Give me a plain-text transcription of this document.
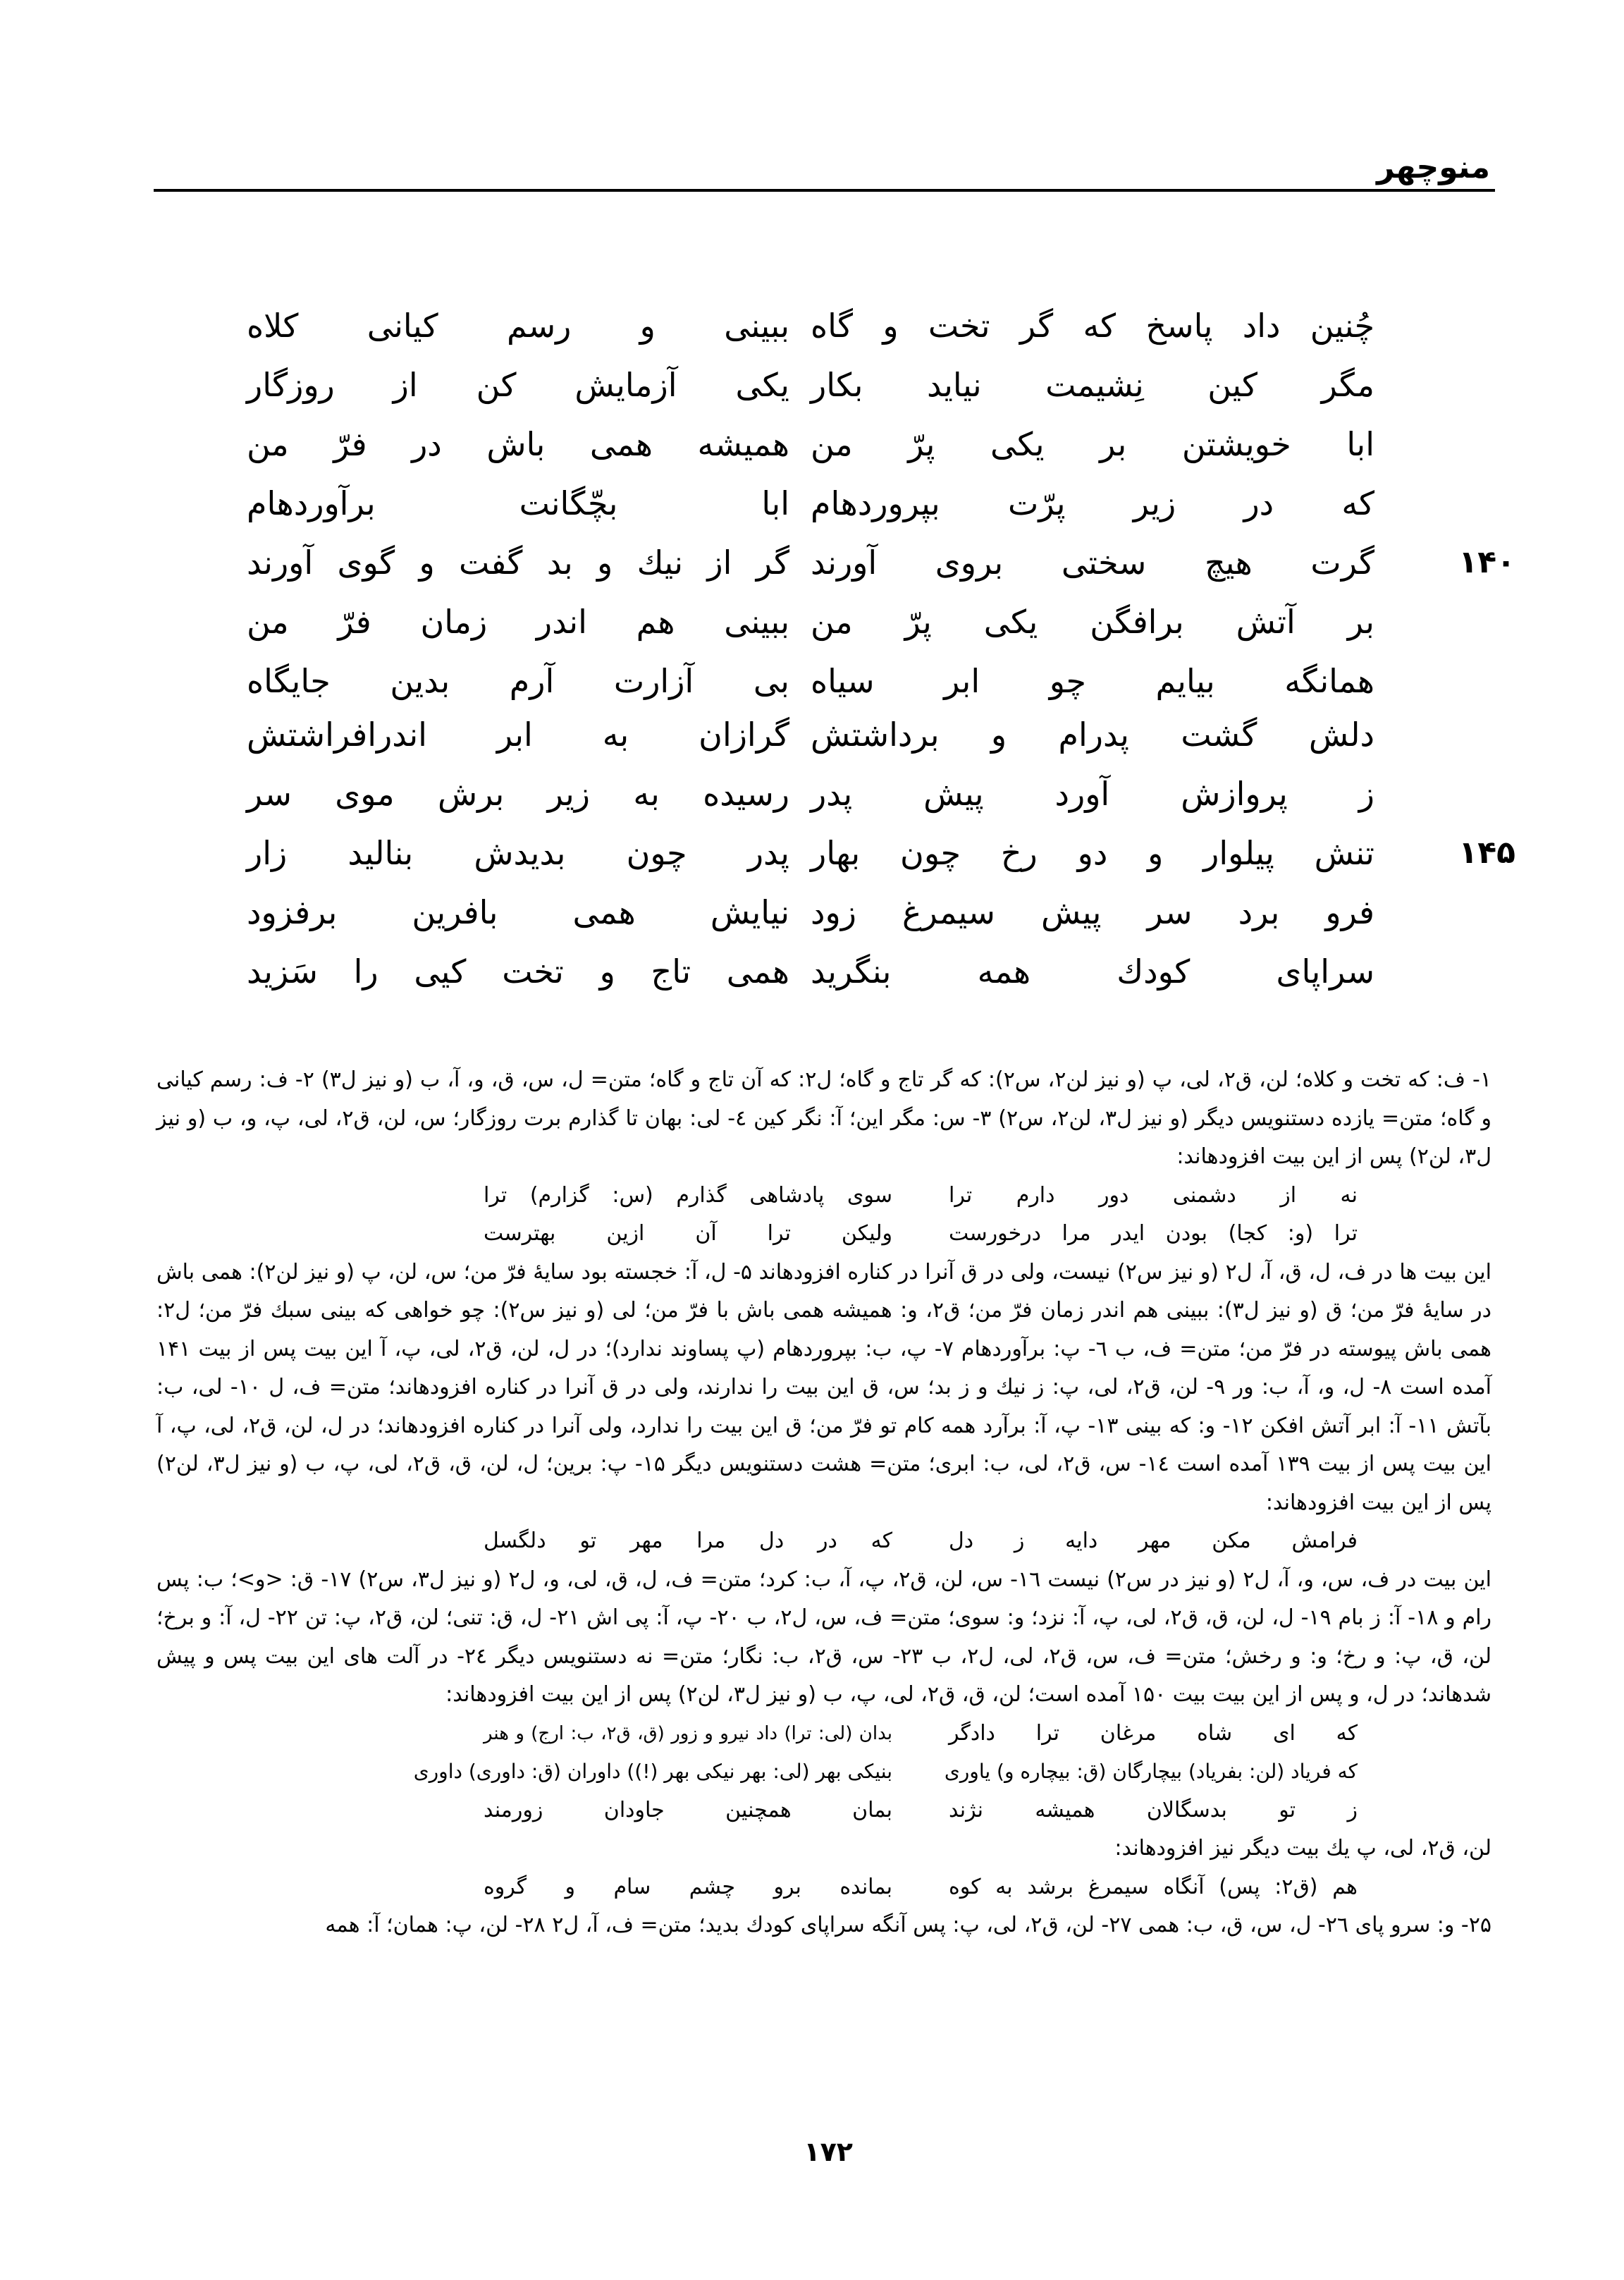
منوچهر
چُنین داد پاسخ که گر تخت و گاه
ببینی و رسم کیانی کلاه
مگر کین نِشیمت نیاید بکار
یکی آزمایش کن از روزگار
ابا خویشتن بر یکی پرّ من
همیشه همی باش در فرّ من
که در زیر پرّت بپروردهام
ابا بچّگانت برآوردهام
۱۴۰
گرت هیچ سختی بروی آورند
گر از نیك و بد گفت و گوی آورند
بر آتش برافگن یکی پرّ من
ببینی هم اندر زمان فرّ من
همانگه بیایم چو ابر سیاه
بی آزارت آرم بدین جایگاه
دلش گشت پدرام و برداشتش
گرازان به ابر اندرافراشتش
ز پروازش آورد پیش پدر
رسیده به زیر برش موی سر
۱۴۵
تنش پیلوار و دو رخ چون بهار
پدر چون بدیدش بنالید زار
فرو برد سر پیش سیمرغ زود
نیایش همی بافرین برفزود
سراپای کودك همه بنگرید
همی تاج و تخت کیی را سَزید

۱- ف: که تخت و کلاه؛ لن، ق۲، لی، پ (و نیز لن۲، س۲): که گر تاج و گاه؛ ل۲: که آن تاج و گاه؛ متن= ل، س، ق، و، آ، ب (و نیز ل۳) ۲- ف: رسم کیانی و گاه؛ متن= یازده دستنویس دیگر (و نیز ل۳، لن۲، س۲) ۳- س: مگر این؛ آ: نگر کین ٤- لی: بهان تا گذارم برت روزگار؛ س، لن، ق۲، لی، پ، و، ب (و نیز ل۳، لن۲) پس از این بیت افزودهاند:

نه از دشمنی دور دارم ترا
سوی پادشاهی گذارم (س: گزارم) ترا
ترا (و: کجا) بودن ایدر مرا درخورست
ولیکن ترا آن ازین بهترست

این بیت ها در ف، ل، ق، آ، ل۲ (و نیز س۲) نیست، ولی در ق آنرا در کناره افزودهاند ۵- ل، آ: خجسته بود سایهٔ فرّ من؛ س، لن، پ (و نیز لن۲): همی باش در سایهٔ فرّ من؛ ق (و نیز ل۳): ببینی هم اندر زمان فرّ من؛ ق۲، و: همیشه همی باش با فرّ من؛ لی (و نیز س۲): چو خواهی که بینی سبك فرّ من؛ ل۲: همی باش پیوسته در فرّ من؛ متن= ف، ب ٦- پ: برآوردهام ۷- پ، ب: بپروردهام (پ پساوند ندارد)؛ در ل، لن، ق۲، لی، پ، آ این بیت پس از بیت ۱۴۱ آمده است ۸- ل، و، آ، ب: ور ۹- لن، ق۲، لی، پ: ز نیك و ز بد؛ س، ق این بیت را ندارند، ولی در ق آنرا در کناره افزودهاند؛ متن= ف، ل ۱۰- لی، ب: بآتش ۱۱- آ: ابر آتش افکن ۱۲- و: که بینی ۱۳- پ، آ: برآرد همه کام تو فرّ من؛ ق این بیت را ندارد، ولی آنرا در کناره افزودهاند؛ در ل، لن، ق۲، لی، پ، آ این بیت پس از بیت ۱۳۹ آمده است ۱٤- س، ق۲، لی، ب: ابری؛ متن= هشت دستنویس دیگر ۱۵- پ: برین؛ ل، لن، ق، ق۲، لی، پ، ب (و نیز ل۳، لن۲) پس از این بیت افزودهاند:

فرامش مکن مهر دایه ز دل
که در دل مرا مهر تو دلگسل

این بیت در ف، س، و، آ، ل۲ (و نیز در س۲) نیست ١٦- س، لن، ق۲، پ، آ، ب: کرد؛ متن= ف، ل، ق، لی، و، ل۲ (و نیز ل۳، س۲) ۱۷- ق: <و>؛ ب: پس رام و ۱۸- آ: ز بام ۱۹- ل، لن، ق، ق۲، لی، پ، آ: نزد؛ و: سوی؛ متن= ف، س، ل۲، ب ۲۰- پ، آ: پی اش ۲۱- ل، ق: تنی؛ لن، ق۲، پ: تن ۲۲- ل، آ: و برخ؛ لن، ق، پ: و رخ؛ و: و رخش؛ متن= ف، س، ق۲، لی، ل۲، ب ۲۳- س، ق۲، ب: نگار؛ متن= نه دستنویس دیگر ۲٤- در آلت های این بیت پس و پیش شدهاند؛ در ل، و پس از این بیت بیت ۱۵۰ آمده است؛ لن، ق، ق۲، لی، پ، ب (و نیز ل۳، لن۲) پس از این بیت افزودهاند:

که ای شاه مرغان ترا دادگر
بدان (لی: ترا) داد نیرو و زور (ق، ق۲، ب: ارج) و هنر
که فریاد (لن: بفریاد) بیچارگان (ق: بیچاره و) یاوری
بنیکی بهر (لی: بهر نیکی بهر (!)) داوران (ق: داوری) داوری
ز تو بدسگالان همیشه نژند
بمان همچنین جاودان زورمند

لن، ق۲، لی، پ یك بیت دیگر نیز افزودهاند:

هم (ق۲: پس) آنگاه سیمرغ برشد به کوه
بمانده برو چشم سام و گروه

۲۵- و: سرو پای ٢٦- ل، س، ق، ب: همی ۲۷- لن، ق۲، لی، پ: پس آنگه سراپای کودك بدید؛ متن= ف، آ، ل۲ ۲۸- لن، پ: همان؛ آ: همه

۱۷۲
